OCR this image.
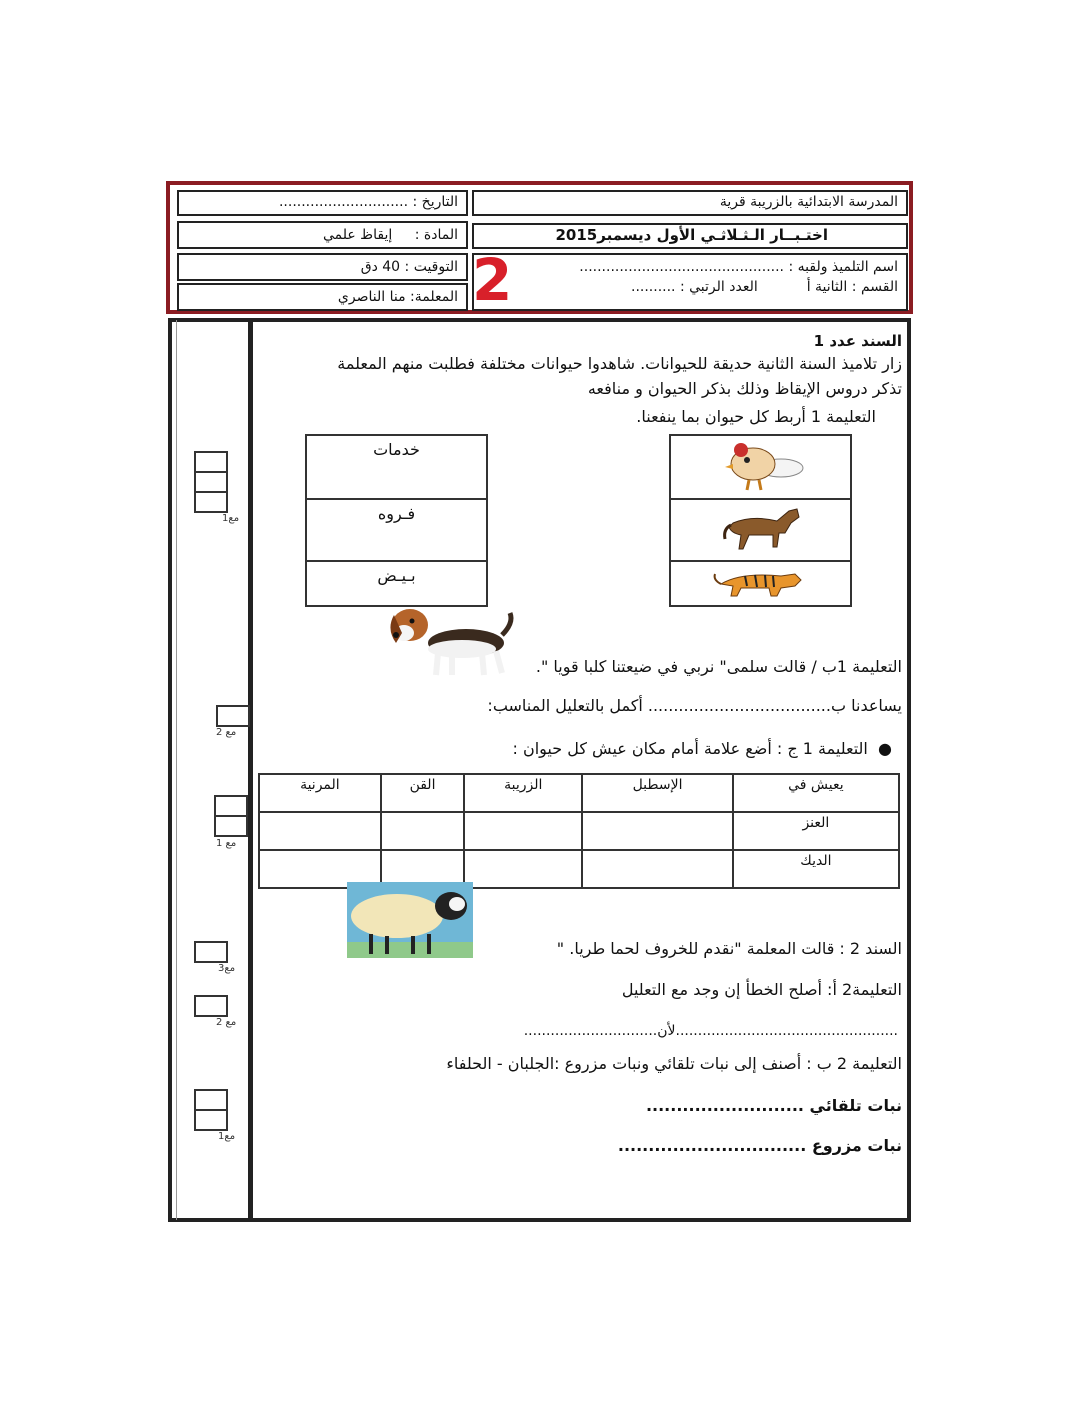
المدرسة الابتدائية بالزريبة قرية
اختـبــار الـثـلاثـي الأول ديسمبر2015
اسم التلميذ ولقبه : ..............................................
القسم : الثانية أ           العدد الرتبي : ..........
2
التاريخ : .............................
المادة : إيقاظ علمي
التوقيت : 40 دق
المعلمة: منا الناصري
السند عدد 1
زار تلاميذ السنة الثانية حديقة للحيوانات. شاهدوا حيوانات مختلفة فطلبت منهم المعلمة
تذكر دروس الإيقاظ وذلك بذكر الحيوان و منافعه
التعليمة 1 أربط كل حيوان بما ينفعنا.
خدمات
فـروه
بـيـض
التعليمة 1ب / قالت سلمى" نربي في ضيعتنا كلبا قويا ".
يساعدنا ب.................................... أكمل بالتعليل المناسب:
●  التعليمة 1 ج : أضع علامة أمام مكان عيش كل حيوان :
يعيش في	الإسطبل	الزريبة	القن	المرنية
العنز				
الديك				
السند 2 : قالت المعلمة "نقدم للخروف لحما طريا. "
التعليمة2 أ: أصلح الخطأ إن وجد مع التعليل
..................................................لأن..............................
التعليمة 2 ب : أصنف إلى نبات تلقائي ونبات مزروع :الجلبان - الحلفاء
نبات تلقائي ..........................
نبات مزروع ...............................
مع1
مع 2
مع 1
مع3
مع 2
مع1
